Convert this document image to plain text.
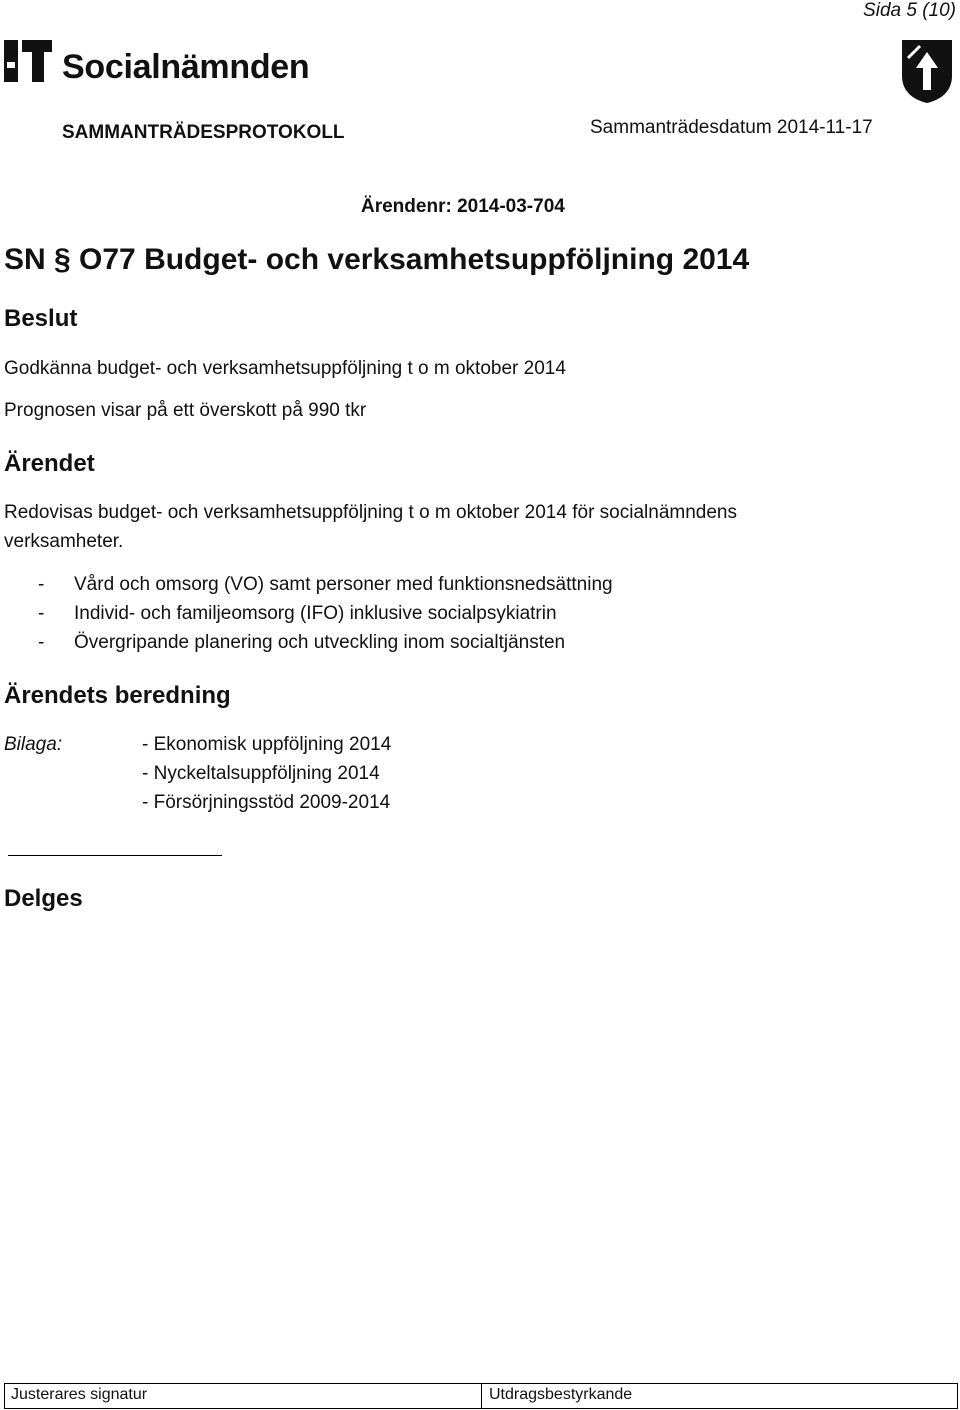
Sida 5 (10)
Socialnämnden
SAMMANTRÄDESPROTOKOLL	Sammanträdesdatum 2014-11-17
Ärendenr: 2014-03-704
SN § O77 Budget- och verksamhetsuppföljning 2014
Beslut
Godkänna budget- och verksamhetsuppföljning t o m oktober 2014
Prognosen visar på ett överskott på 990 tkr
Ärendet
Redovisas budget- och verksamhetsuppföljning t o m oktober 2014 för socialnämndens
verksamheter.
- Vård och omsorg (VO) samt personer med funktionsnedsättning
- Individ- och familjeomsorg (IFO) inklusive socialpsykiatrin
- Övergripande planering och utveckling inom socialtjänsten
Ärendets beredning
Bilaga:	- Ekonomisk uppföljning 2014
- Nyckeltalsuppföljning 2014
- Försörjningsstöd 2009-2014
Delges
Justerares signatur	Utdragsbestyrkande
